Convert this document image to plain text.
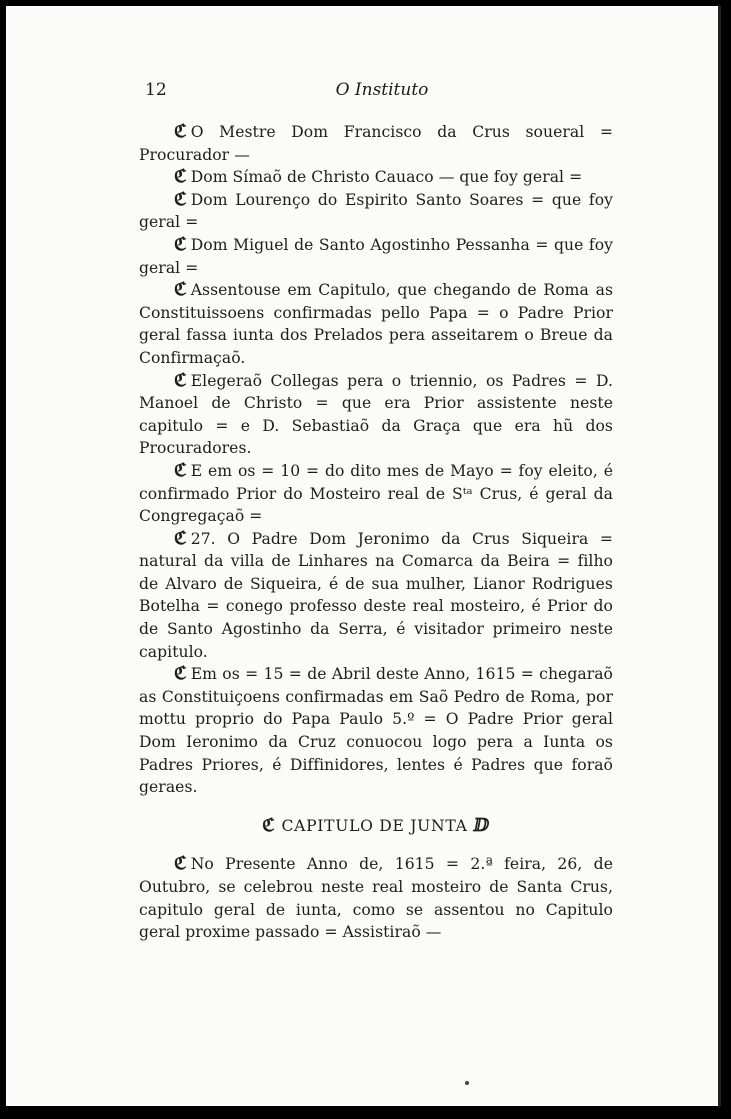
12	O Instituto

ℭ O Mestre Dom Francisco da Crus soueral = Procurador —

ℭ Dom Símaõ de Christo Cauaco — que foy geral =

ℭ Dom Lourenço do Espirito Santo Soares = que foy geral =

ℭ Dom Miguel de Santo Agostinho Pessanha = que foy geral =

ℭ Assentouse em Capitulo, que chegando de Roma as Constituissoens confirmadas pello Papa = o Padre Prior geral fassa iunta dos Prelados pera asseitarem o Breue da Confirmaçaõ.

ℭ Elegeraõ Collegas pera o triennio, os Padres = D. Manoel de Christo = que era Prior assistente neste capitulo = e D. Sebastiaõ da Graça que era hũ dos Procuradores.

ℭ E em os = 10 = do dito mes de Mayo = foy eleito, é confirmado Prior do Mosteiro real de Sᵗᵃ Crus, é geral da Congregaçaõ =

ℭ 27. O Padre Dom Jeronimo da Crus Siqueira = natural da villa de Linhares na Comarca da Beira = filho de Alvaro de Siqueira, é de sua mulher, Lianor Rodrigues Botelha = conego professo deste real mosteiro, é Prior do de Santo Agostinho da Serra, é visitador primeiro neste capitulo.

ℭ Em os = 15 = de Abril deste Anno, 1615 = chegaraõ as Constituiçoens confirmadas em Saõ Pedro de Roma, por mottu proprio do Papa Paulo 5.º = O Padre Prior geral Dom Ieronimo da Cruz conuocou logo pera a Iunta os Padres Priores, é Diffinidores, lentes é Padres que foraõ geraes.

ℭ CAPITULO DE JUNTA ⅅ

ℭ No Presente Anno de, 1615 = 2.ª feira, 26, de Outubro, se celebrou neste real mosteiro de Santa Crus, capitulo geral de iunta, como se assentou no Capitulo geral proxime passado = Assistiraõ —
